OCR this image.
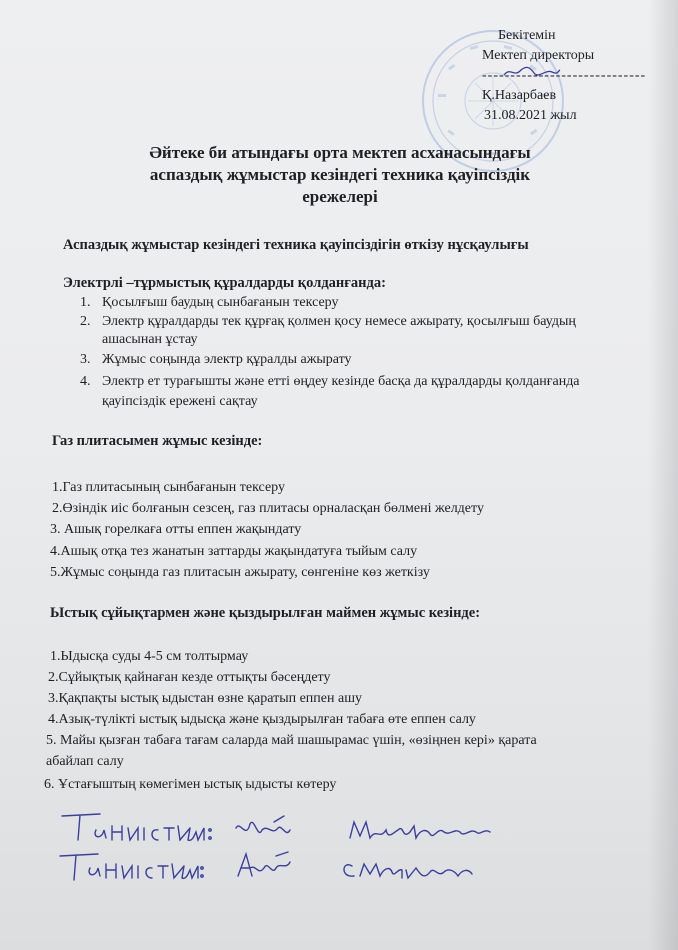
Бекітемін
Мектеп директоры
-----------------------------
Қ.Назарбаев
31.08.2021 жыл
Әйтеке би атындағы орта мектеп асханасындағы
аспаздық жұмыстар кезіндегі техника қауіпсіздік
ережелері
Аспаздық жұмыстар кезіндегі техника қауіпсіздігін өткізу нұсқаулығы
Электрлі –тұрмыстық құралдарды қолданғанда:
1. Қосылғыш баудың сынбағанын тексеру
2. Электр құралдарды тек құрғақ қолмен қосу немесе ажырату, қосылғыш баудың
ашасынан ұстау
3. Жұмыс соңында электр құралды ажырату
4. Электр ет турағышты және етті өңдеу кезінде басқа да құралдарды қолданғанда
қауіпсіздік ережені сақтау
Газ плитасымен жұмыс кезінде:
1.Газ плитасының сынбағанын тексеру
2.Өзіндік иіс болғанын сезсең, газ плитасы орналасқан бөлмені желдету
3. Ашық горелкаға отты еппен жақындату
4.Ашық отқа тез жанатын заттарды жақындатуға тыйым салу
5.Жұмыс соңында газ плитасын ажырату, сөнгеніне көз жеткізу
Ыстық сұйықтармен және қыздырылған маймен жұмыс кезінде:
1.Ыдысқа суды 4-5 см толтырмау
2.Сұйықтық қайнаған кезде оттықты бәсеңдету
3.Қақпақты ыстық ыдыстан өзне қаратып еппен ашу
4.Азық-түлікті ыстық ыдысқа және қыздырылған табаға өте еппен салу
5. Майы қызған табаға тағам саларда май шашырамас үшін, «өзіңнен кері» қарата
абайлап салу
6. Ұстағыштың көмегімен ыстық ыдысты көтеру
